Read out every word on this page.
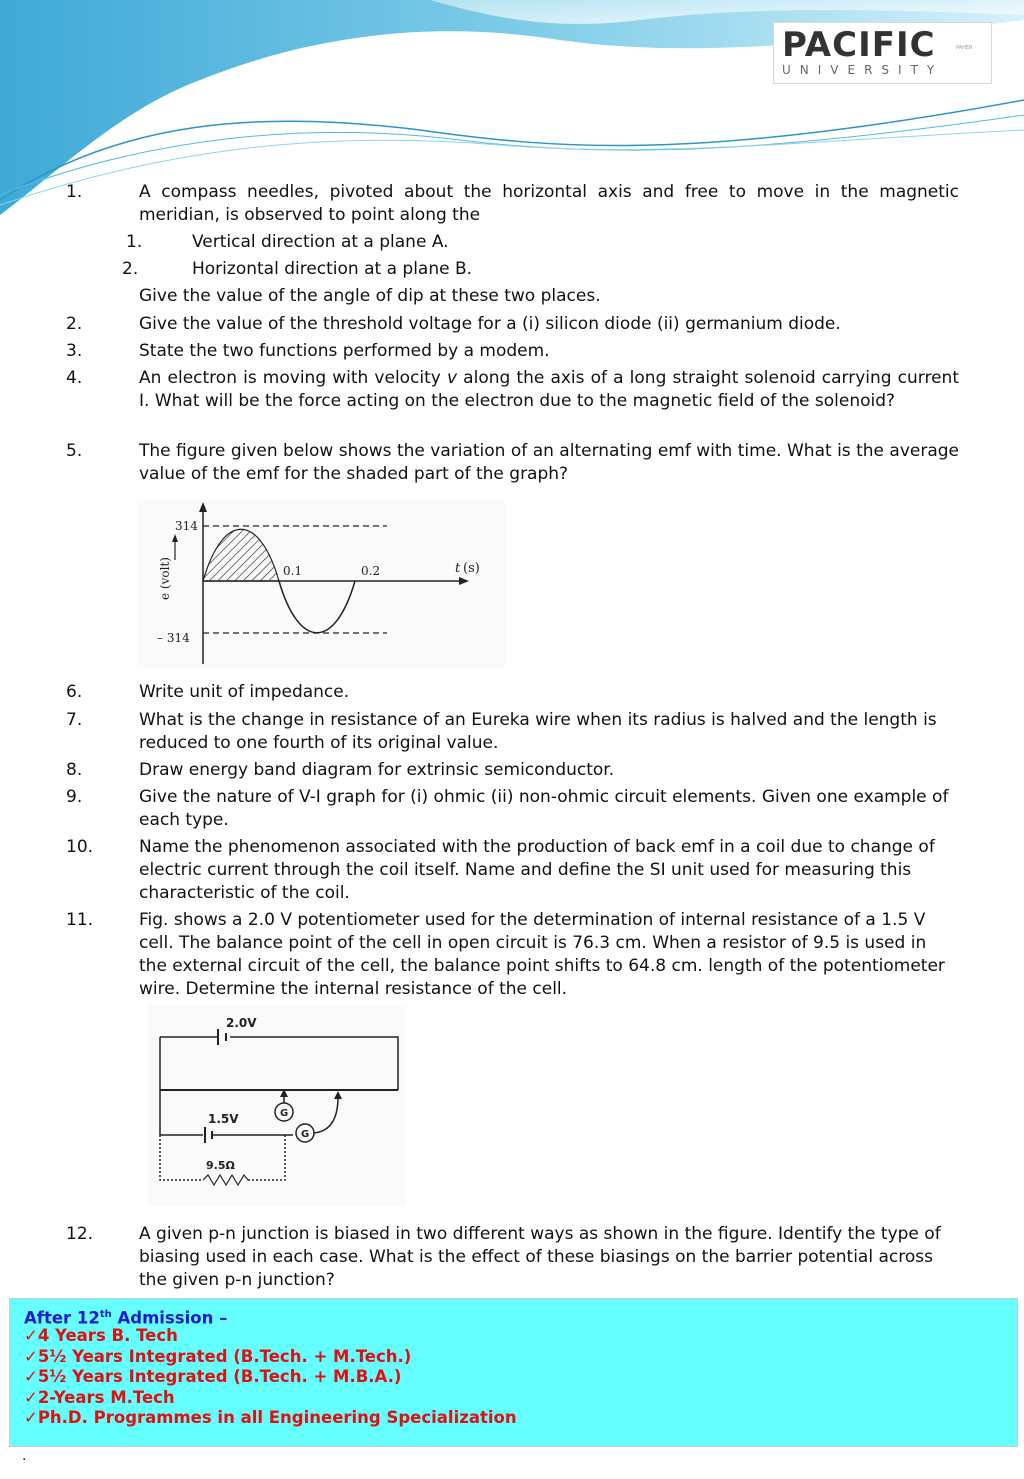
PACIFIC	PAHER
UNIVERSITY
1.	A compass needles, pivoted about the horizontal axis and free to move in the magnetic meridian, is observed to point along the
1.	Vertical direction at a plane A.
2.	Horizontal direction at a plane B.
Give the value of the angle of dip at these two places.
2.	Give the value of the threshold voltage for a (i) silicon diode (ii) germanium diode.
3.	State the two functions performed by a modem.
4.	An electron is moving with velocity v along the axis of a long straight solenoid carrying current I. What will be the force acting on the electron due to the magnetic field of the solenoid?
5.	The figure given below shows the variation of an alternating emf with time. What is the average value of the emf for the shaded part of the graph?
e (volt)
314
– 314
0.1	0.2	t (s)
6.	Write unit of impedance.
7.	What is the change in resistance of an Eureka wire when its radius is halved and the length is reduced to one fourth of its original value.
8.	Draw energy band diagram for extrinsic semiconductor.
9.	Give the nature of V-I graph for (i) ohmic (ii) non-ohmic circuit elements. Given one example of each type.
10.	Name the phenomenon associated with the production of back emf in a coil due to change of electric current through the coil itself. Name and define the SI unit used for measuring this characteristic of the coil.
11.	Fig. shows a 2.0 V potentiometer used for the determination of internal resistance of a 1.5 V cell. The balance point of the cell in open circuit is 76.3 cm. When a resistor of 9.5 is used in the external circuit of the cell, the balance point shifts to 64.8 cm. length of the potentiometer wire. Determine the internal resistance of the cell.
2.0V
1.5V
9.5Ω
G
G
12.	A given p-n junction is biased in two different ways as shown in the figure. Identify the type of biasing used in each case. What is the effect of these biasings on the barrier potential across the given p-n junction?
After 12th Admission –
✓4 Years B. Tech
✓5½ Years Integrated (B.Tech. + M.Tech.)
✓5½ Years Integrated (B.Tech. + M.B.A.)
✓2-Years M.Tech
✓Ph.D. Programmes in all Engineering Specialization
.
